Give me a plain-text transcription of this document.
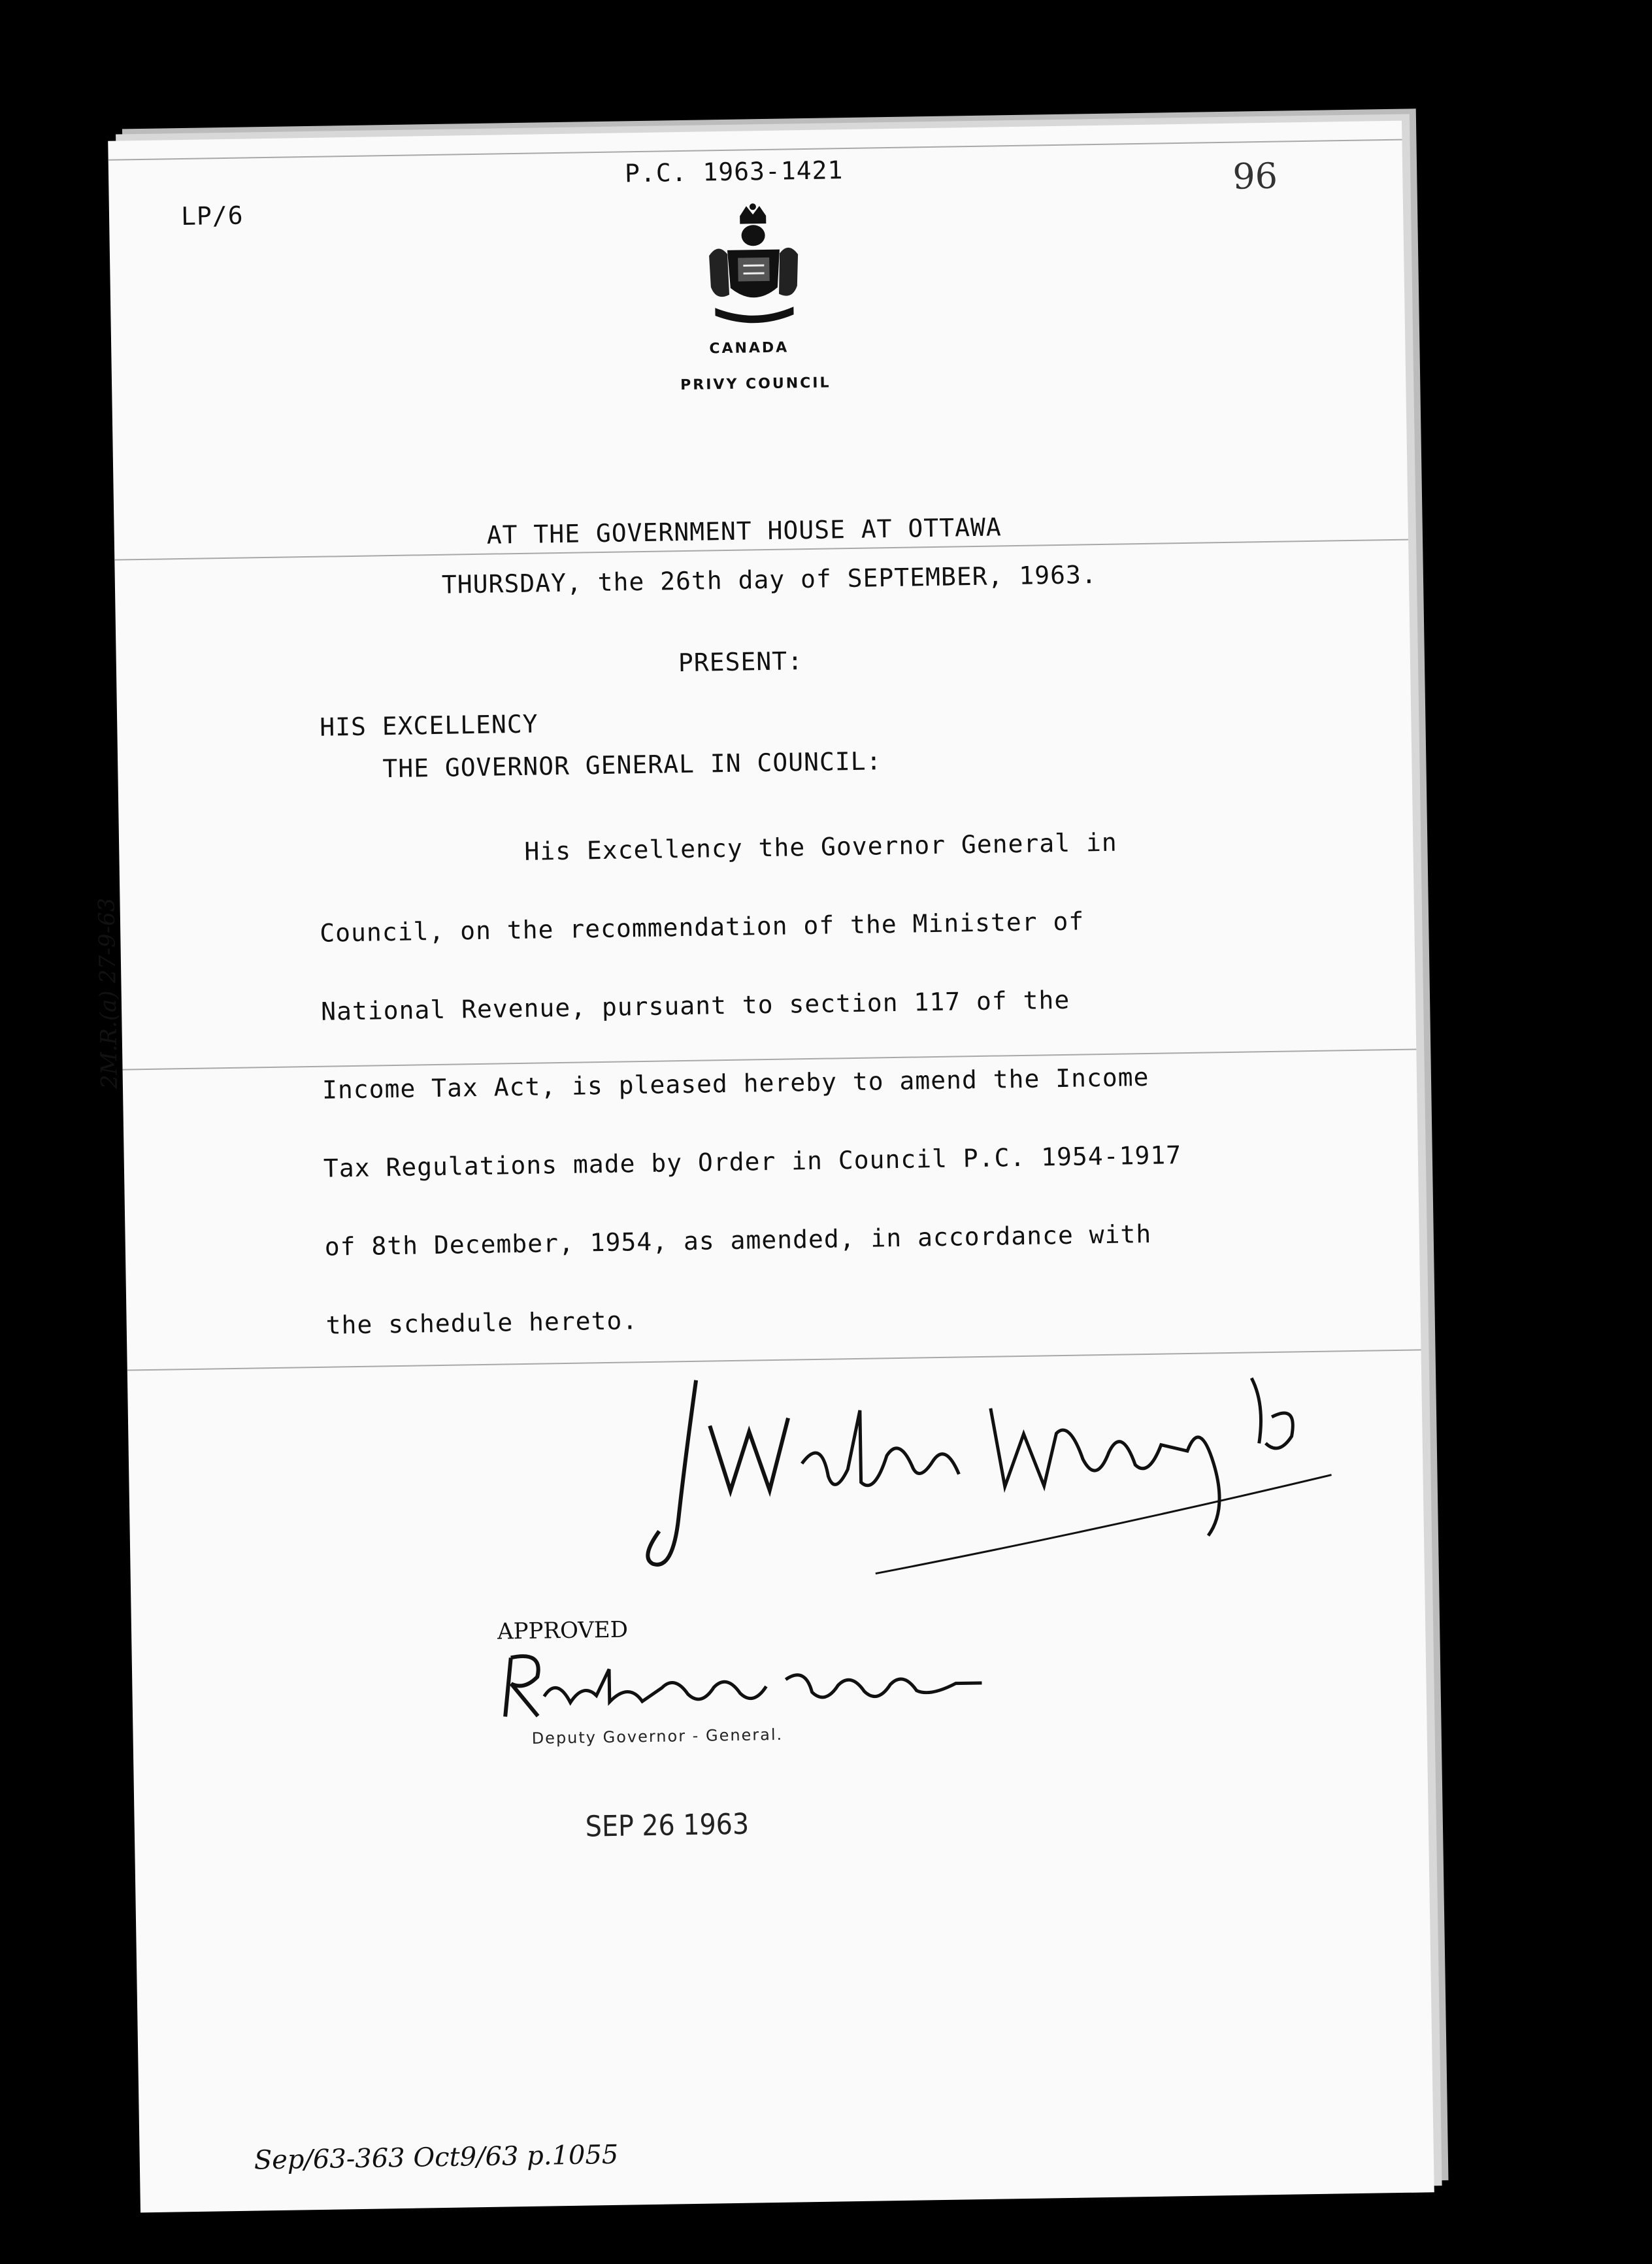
LP/6
P.C. 1963-1421	96
CANADA
PRIVY COUNCIL
AT THE GOVERNMENT HOUSE AT OTTAWA
THURSDAY, the 26th day of SEPTEMBER, 1963.
PRESENT:
HIS EXCELLENCY
THE GOVERNOR GENERAL IN COUNCIL:
His Excellency the Governor General in
Council, on the recommendation of the Minister of
National Revenue, pursuant to section 117 of the
Income Tax Act, is pleased hereby to amend the Income
Tax Regulations made by Order in Council P.C. 1954-1917
of 8th December, 1954, as amended, in accordance with
the schedule hereto.
APPROVED
Deputy Governor - General.
SEP 26 1963
2M.R.(a) 27-9-63
Sep/63-363 Oct9/63 p.1055
